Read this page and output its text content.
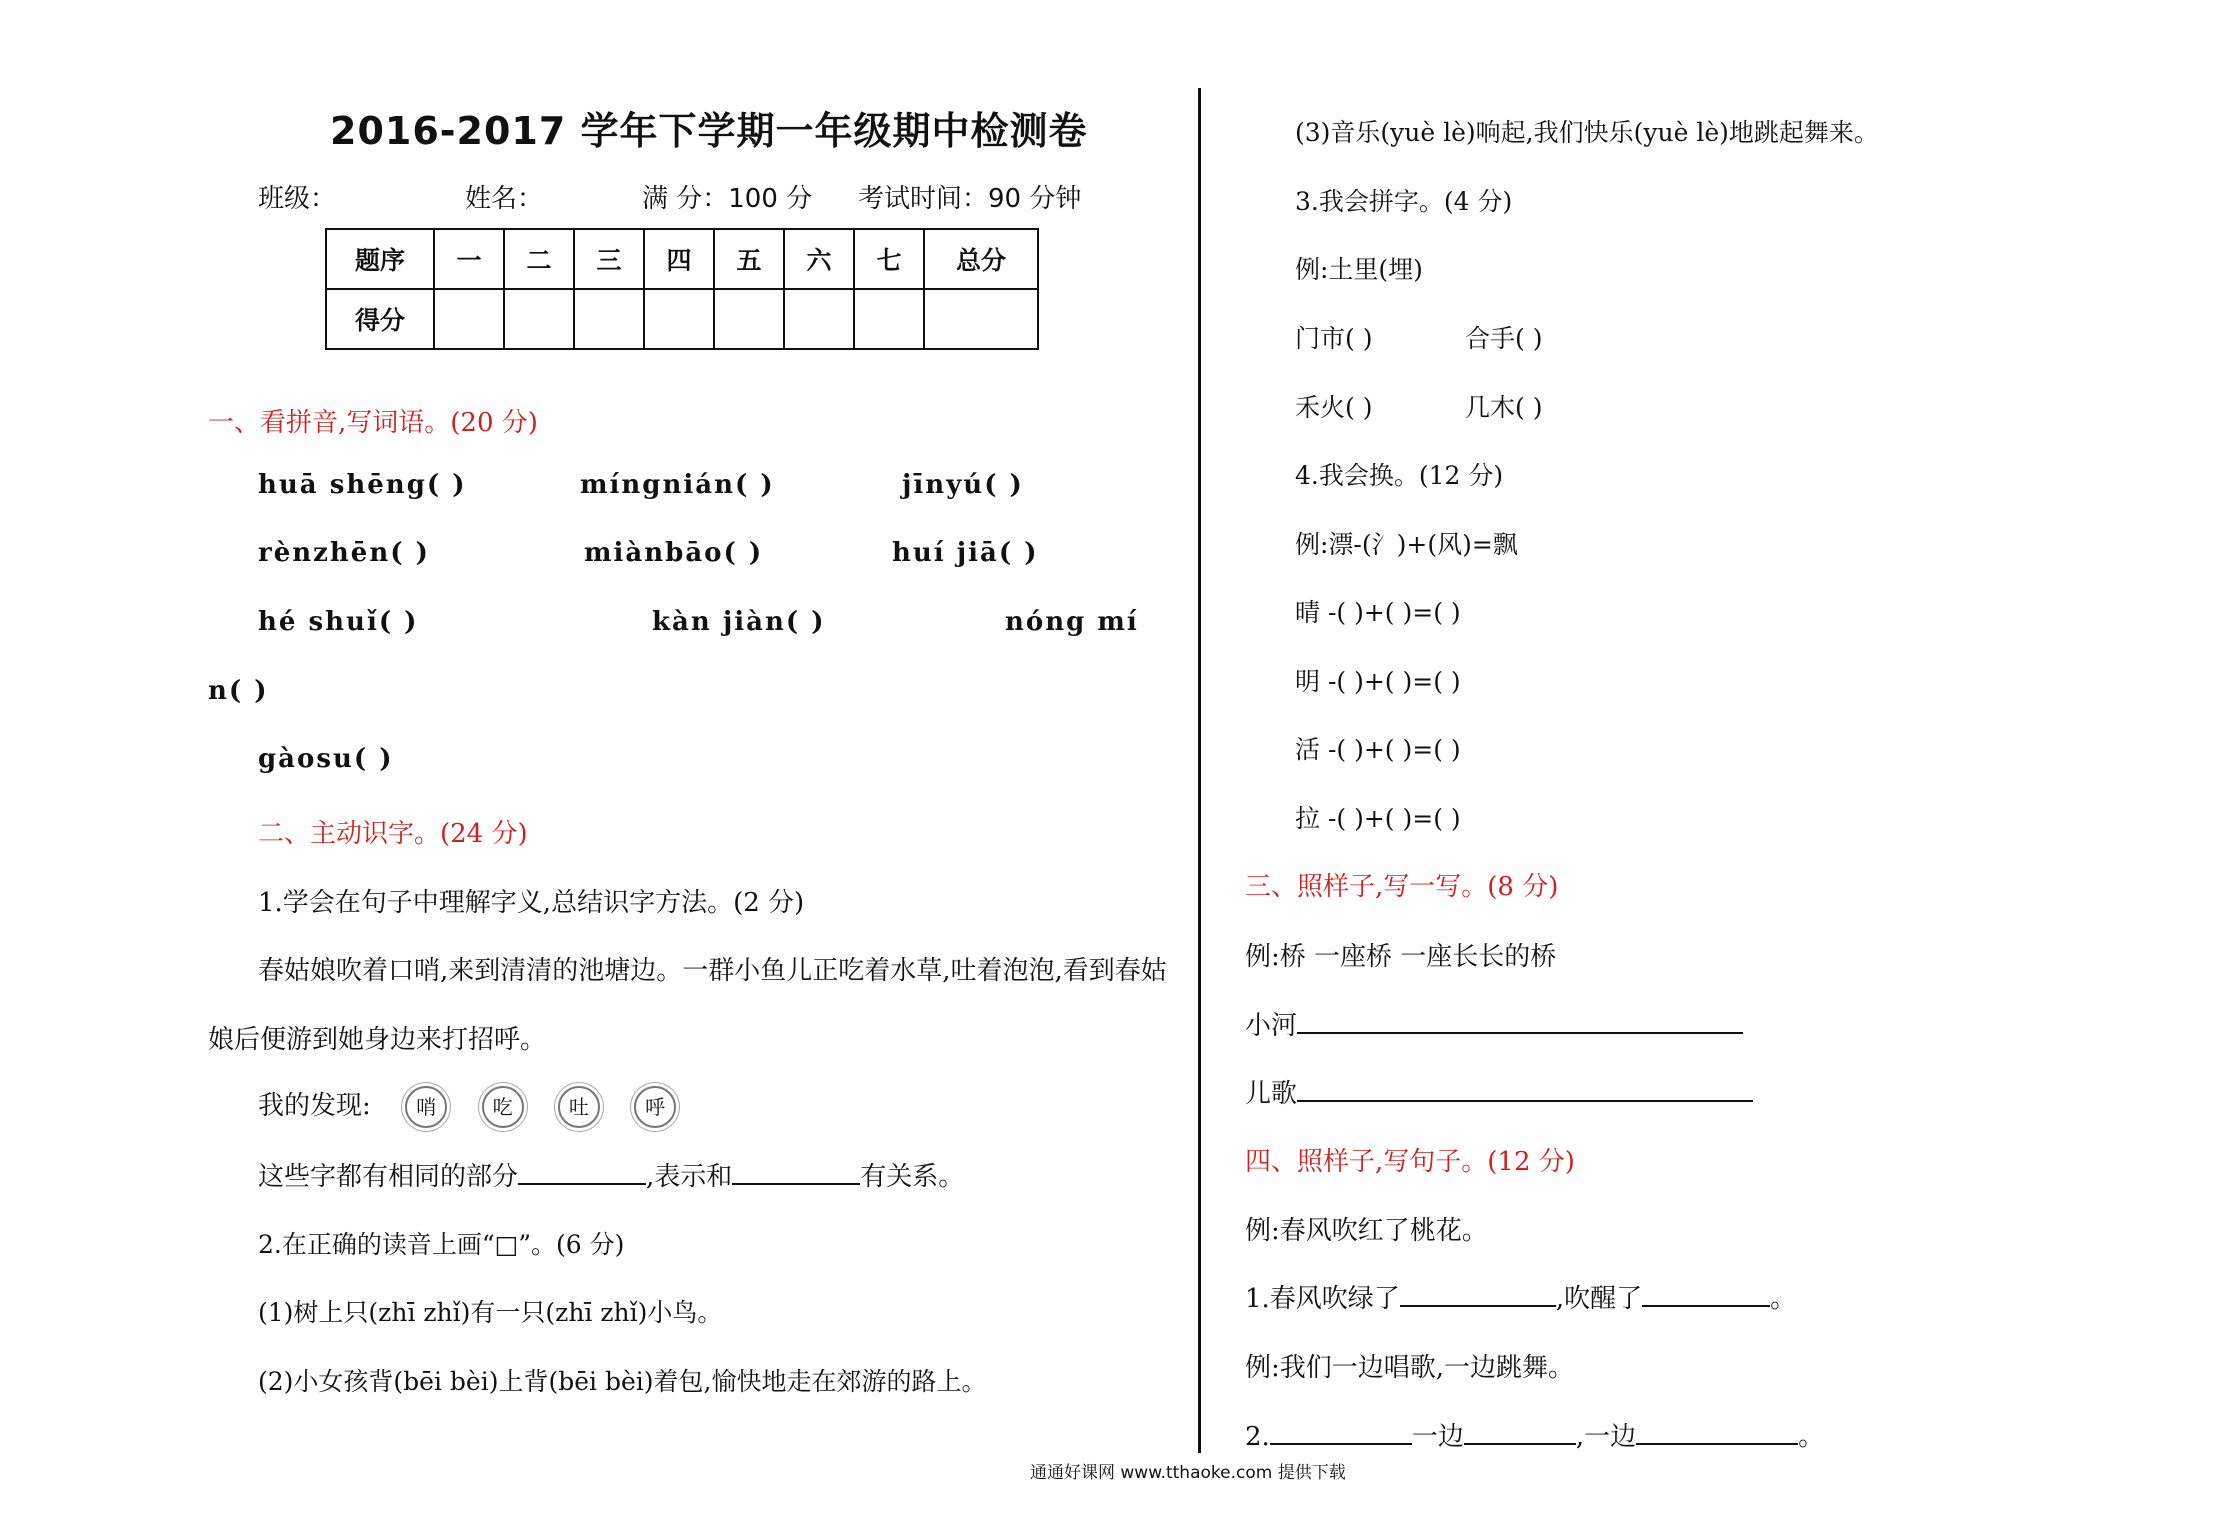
2016-2017 学年下学期一年级期中检测卷
班级：	姓名：	满 分：100 分 考试时间：90 分钟
题序	一	二	三	四	五	六	七	总分
得分								
一、看拼音,写词语。(20 分)
huā shēng( )	míngnián( )	jīnyú( )
rènzhēn( )	miànbāo( )	huí jiā( )
hé shuǐ( )	kàn jiàn( )	nóng mí
n( )
gàosu( )
二、主动识字。(24 分)
1.学会在句子中理解字义,总结识字方法。(2 分)
春姑娘吹着口哨,来到清清的池塘边。一群小鱼儿正吃着水草,吐着泡泡,看到春姑
娘后便游到她身边来打招呼。
我的发现: 哨	吃	吐	呼
这些字都有相同的部分	,表示和	有关系。
2.在正确的读音上画“□”。(6 分)
(1)树上只(zhī zhǐ)有一只(zhī zhǐ)小鸟。
(2)小女孩背(bēi bèi)上背(bēi bèi)着包,愉快地走在郊游的路上。
(3)音乐(yuè lè)响起,我们快乐(yuè lè)地跳起舞来。
3.我会拼字。(4 分)
例:土里(埋)
门市( )	合手( )
禾火( )	几木( )
4.我会换。(12 分)
例:漂-(氵)+(风)=飘
晴 -( )+( )=( )
明 -( )+( )=( )
活 -( )+( )=( )
拉 -( )+( )=( )
三、照样子,写一写。(8 分)
例:桥 一座桥 一座长长的桥
小河
儿歌
四、照样子,写句子。(12 分)
例:春风吹红了桃花。
1.春风吹绿了	,吹醒了	。
例:我们一边唱歌,一边跳舞。
2.	一边	,一边	。
通通好课网 www.tthaoke.com 提供下载
